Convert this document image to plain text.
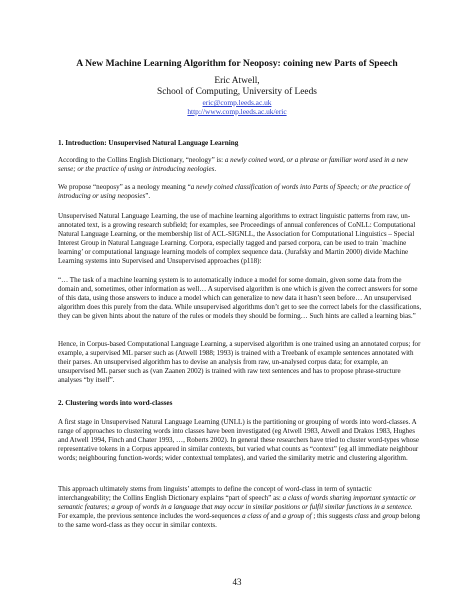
A New Machine Learning Algorithm for Neoposy: coining new Parts of Speech
Eric Atwell,
School of Computing, University of Leeds
eric@comp.leeds.ac.uk
http://www.comp.leeds.ac.uk/eric
1. Introduction: Unsupervised Natural Language Learning

According to the Collins English Dictionary, “neology” is: a newly coined word, or a phrase or familiar word used in a new sense; or the practice of using or introducing neologies.

We propose “neoposy” as a neology meaning “a newly coined classification of words into Parts of Speech; or the practice of introducing or using neoposies”.

Unsupervised Natural Language Learning, the use of machine learning algorithms to extract linguistic patterns from raw, un-annotated text, is a growing research subfield; for examples, see Proceedings of annual conferences of CoNLL: Computational Natural Language Learning, or the membership list of ACL-SIGNLL, the Association for Computational Linguistics – Special Interest Group in Natural Language Learning. Corpora, especially tagged and parsed corpora, can be used to train `machine learning’ or computational language learning models of complex sequence data. (Jurafsky and Martin 2000) divide Machine Learning systems into Supervised and Unsupervised approaches (p118):

“… The task of a machine learning system is to automatically induce a model for some domain, given some data from the domain and, sometimes, other information as well… A supervised algorithm is one which is given the correct answers for some of this data, using those answers to induce a model which can generalize to new data it hasn’t seen before… An unsupervised algorithm does this purely from the data. While unsupervised algorithms don’t get to see the correct labels for the classifications, they can be given hints about the nature of the rules or models they should be forming… Such hints are called a learning bias.”

Hence, in Corpus-based Computational Language Learning, a supervised algorithm is one trained using an annotated corpus; for example, a supervised ML parser such as (Atwell 1988; 1993) is trained with a Treebank of example sentences annotated with their parses. An unsupervised algorithm has to devise an analysis from raw, un-analysed corpus data; for example, an unsupervised ML parser such as (van Zaanen 2002) is trained with raw text sentences and has to propose phrase-structure analyses “by itself”.

2. Clustering words into word-classes

A first stage in Unsupervised Natural Language Learning (UNLL) is the partitioning or grouping of words into word-classes. A range of approaches to clustering words into classes have been investigated (eg Atwell 1983, Atwell and Drakos 1983, Hughes and Atwell 1994, Finch and Chater 1993, …, Roberts 2002). In general these researchers have tried to cluster word-types whose representative tokens in a Corpus appeared in similar contexts, but varied what counts as “context” (eg all immediate neighbour words; neighbouring function-words; wider contextual templates), and varied the similarity metric and clustering algorithm.

This approach ultimately stems from linguists’ attempts to define the concept of word-class in term of syntactic interchangeability; the Collins English Dictionary explains “part of speech” as: a class of words sharing important syntactic or semantic features; a group of words in a language that may occur in similar positions or fulfil similar functions in a sentence. For example, the previous sentence includes the word-sequences a class of and a group of ; this suggests class and group belong to the same word-class as they occur in similar contexts.

43
